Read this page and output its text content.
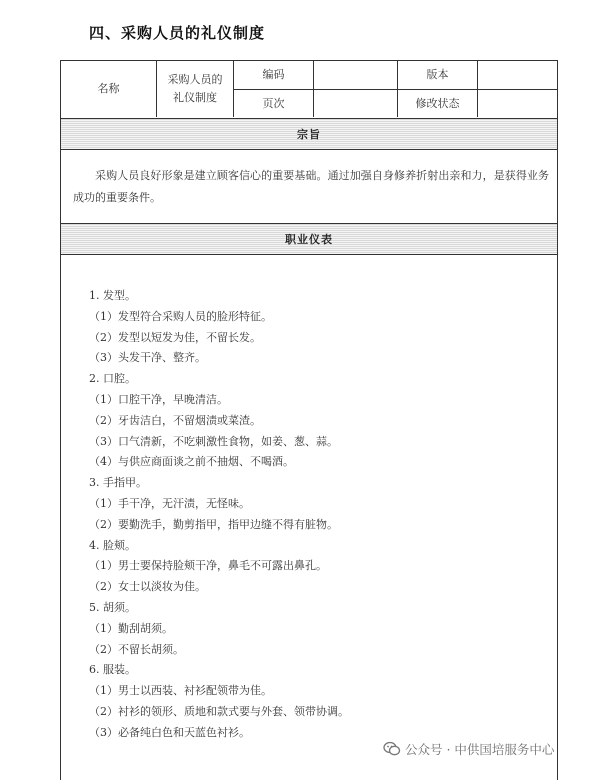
四、采购人员的礼仪制度
名称
采购人员的
礼仪制度
编码	版本
页次	修改状态
宗旨
采购人员良好形象是建立顾客信心的重要基础。通过加强自身修养折射出亲和力，是获得业务成功的重要条件。
职业仪表
1. 发型。
（1）发型符合采购人员的脸形特征。
（2）发型以短发为佳，不留长发。
（3）头发干净、整齐。
2. 口腔。
（1）口腔干净，早晚清洁。
（2）牙齿洁白，不留烟渍或菜渣。
（3）口气清新，不吃刺激性食物，如姜、葱、蒜。
（4）与供应商面谈之前不抽烟、不喝酒。
3. 手指甲。
（1）手干净，无汗渍，无怪味。
（2）要勤洗手，勤剪指甲，指甲边缝不得有脏物。
4. 脸颊。
（1）男士要保持脸颊干净，鼻毛不可露出鼻孔。
（2）女士以淡妆为佳。
5. 胡须。
（1）勤刮胡须。
（2）不留长胡须。
6. 服装。
（1）男士以西装、衬衫配领带为佳。
（2）衬衫的领形、质地和款式要与外套、领带协调。
（3）必备纯白色和天蓝色衬衫。
公众号 · 中供国培服务中心
